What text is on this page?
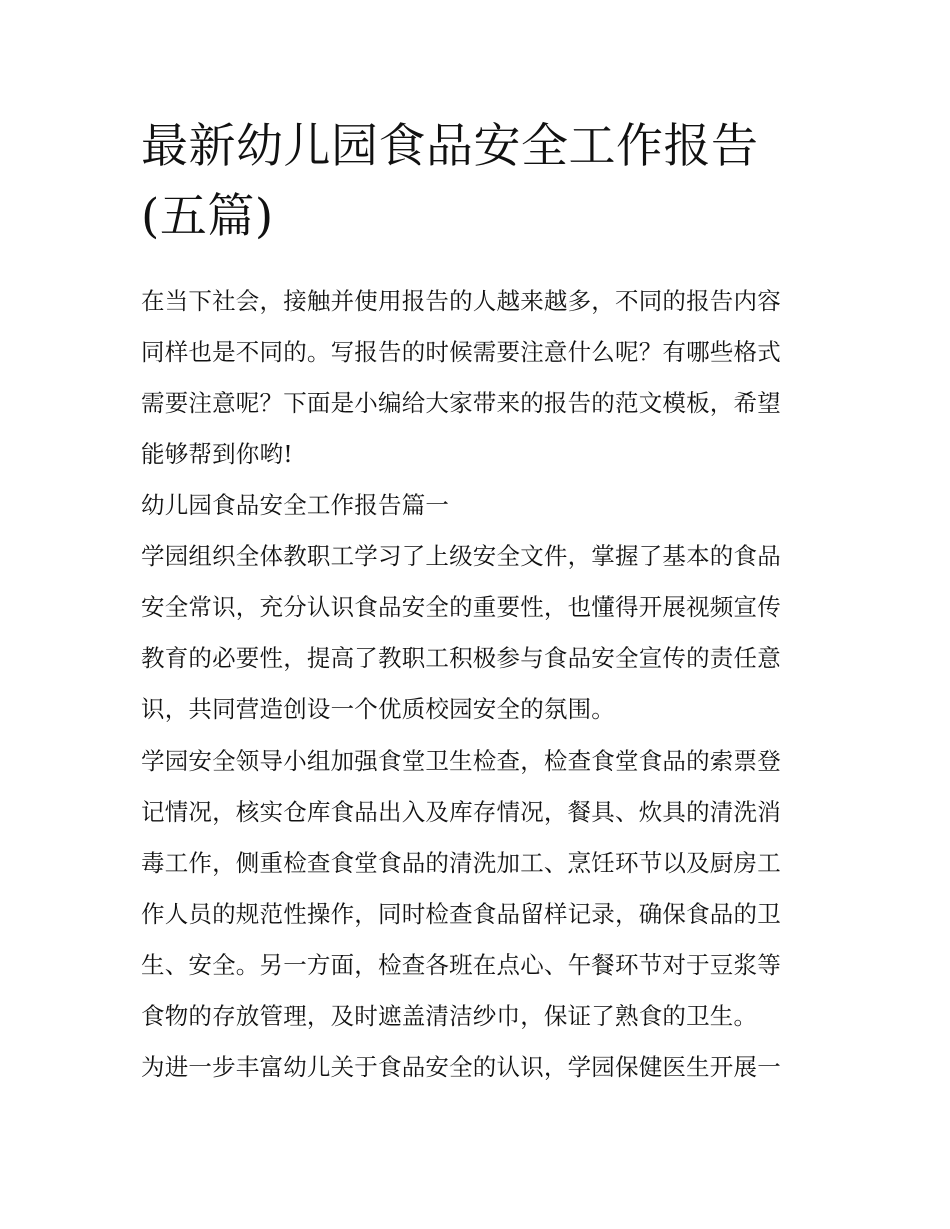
最新幼儿园食品安全工作报告
(五篇)

在当下社会，接触并使用报告的人越来越多，不同的报告内容
同样也是不同的。写报告的时候需要注意什么呢？有哪些格式
需要注意呢？下面是小编给大家带来的报告的范文模板，希望
能够帮到你哟!

幼儿园食品安全工作报告篇一

学园组织全体教职工学习了上级安全文件，掌握了基本的食品
安全常识，充分认识食品安全的重要性，也懂得开展视频宣传
教育的必要性，提高了教职工积极参与食品安全宣传的责任意
识，共同营造创设一个优质校园安全的氛围。

学园安全领导小组加强食堂卫生检查，检查食堂食品的索票登
记情况，核实仓库食品出入及库存情况，餐具、炊具的清洗消
毒工作，侧重检查食堂食品的清洗加工、烹饪环节以及厨房工
作人员的规范性操作，同时检查食品留样记录，确保食品的卫
生、安全。另一方面，检查各班在点心、午餐环节对于豆浆等
食物的存放管理，及时遮盖清洁纱巾，保证了熟食的卫生。

为进一步丰富幼儿关于食品安全的认识，学园保健医生开展一
